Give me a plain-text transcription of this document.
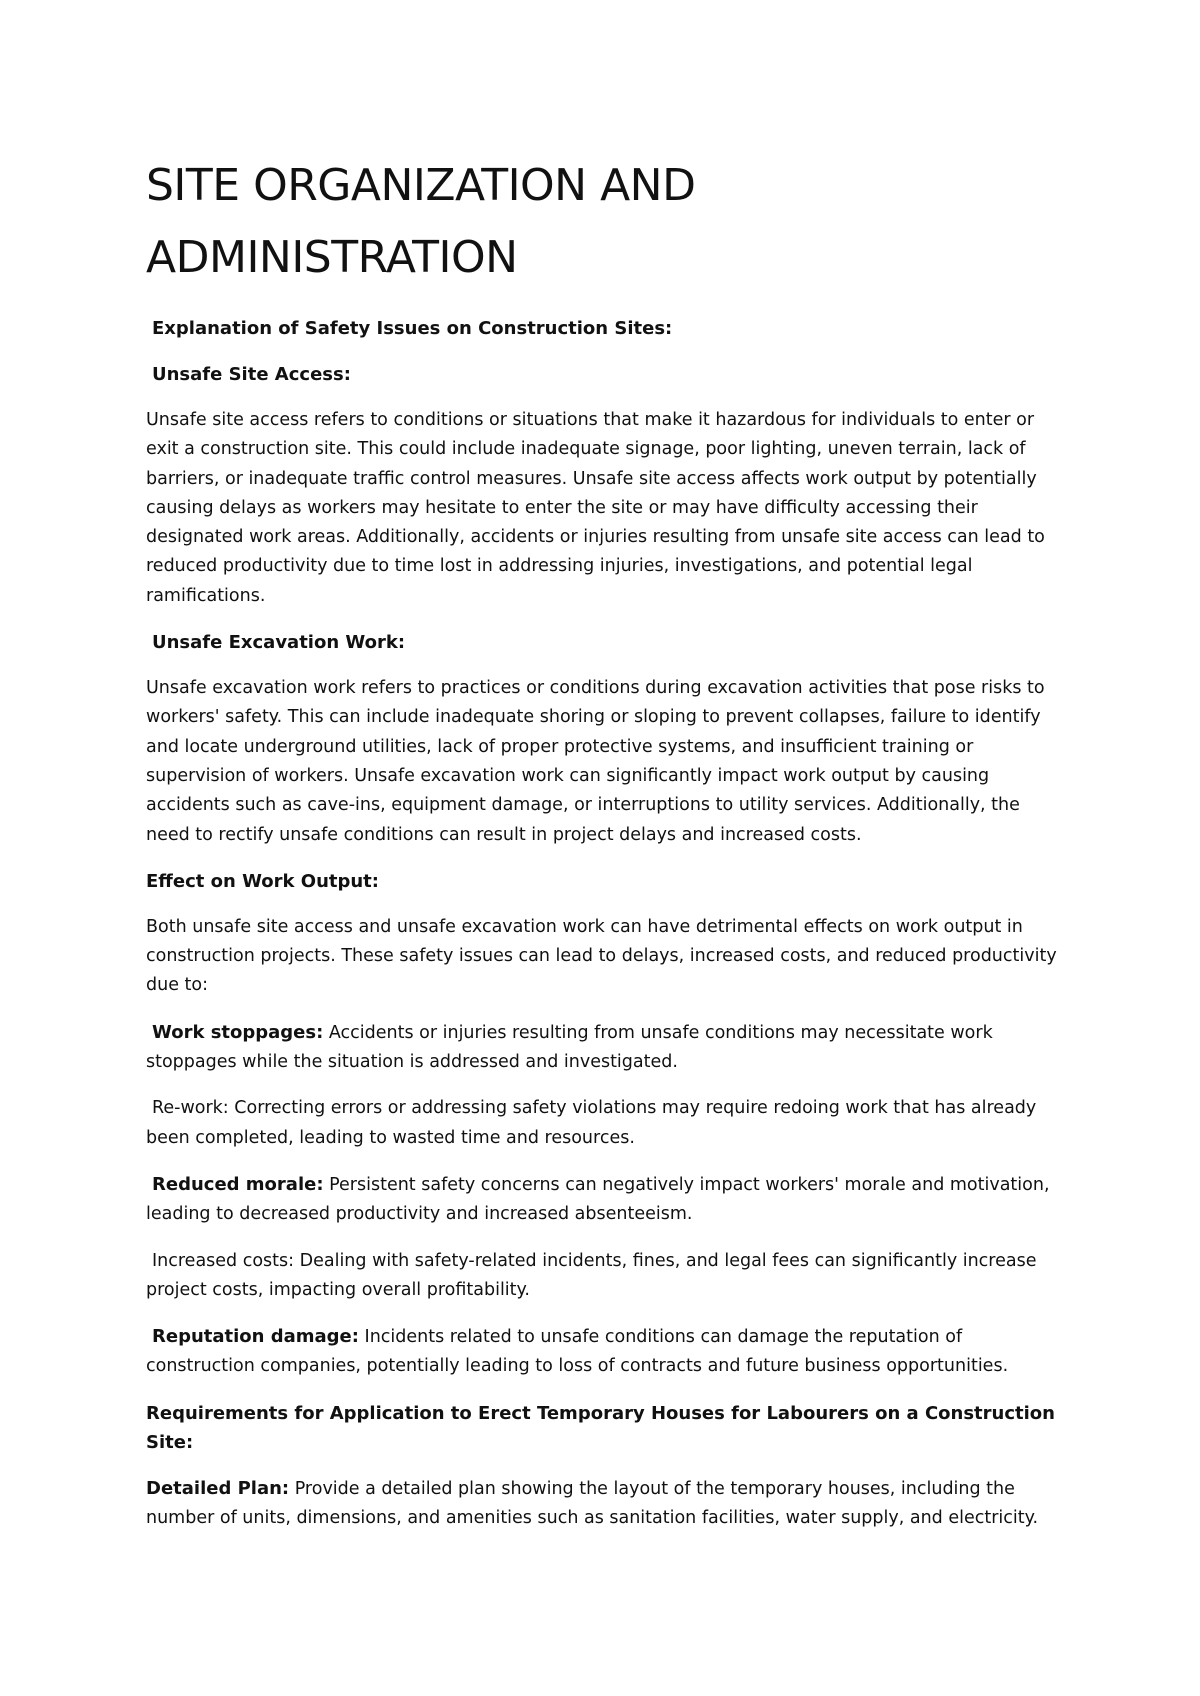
SITE ORGANIZATION AND ADMINISTRATION
Explanation of Safety Issues on Construction Sites:
Unsafe Site Access:

Unsafe site access refers to conditions or situations that make it hazardous for individuals to enter or exit a construction site. This could include inadequate signage, poor lighting, uneven terrain, lack of barriers, or inadequate traffic control measures. Unsafe site access affects work output by potentially causing delays as workers may hesitate to enter the site or may have difficulty accessing their designated work areas. Additionally, accidents or injuries resulting from unsafe site access can lead to reduced productivity due to time lost in addressing injuries, investigations, and potential legal ramifications.

Unsafe Excavation Work:

Unsafe excavation work refers to practices or conditions during excavation activities that pose risks to workers' safety. This can include inadequate shoring or sloping to prevent collapses, failure to identify and locate underground utilities, lack of proper protective systems, and insufficient training or supervision of workers. Unsafe excavation work can significantly impact work output by causing accidents such as cave-ins, equipment damage, or interruptions to utility services. Additionally, the need to rectify unsafe conditions can result in project delays and increased costs.

Effect on Work Output:

Both unsafe site access and unsafe excavation work can have detrimental effects on work output in construction projects. These safety issues can lead to delays, increased costs, and reduced productivity due to:

Work stoppages: Accidents or injuries resulting from unsafe conditions may necessitate work stoppages while the situation is addressed and investigated.

Re-work: Correcting errors or addressing safety violations may require redoing work that has already been completed, leading to wasted time and resources.

Reduced morale: Persistent safety concerns can negatively impact workers' morale and motivation, leading to decreased productivity and increased absenteeism.

Increased costs: Dealing with safety-related incidents, fines, and legal fees can significantly increase project costs, impacting overall profitability.

Reputation damage: Incidents related to unsafe conditions can damage the reputation of construction companies, potentially leading to loss of contracts and future business opportunities.

Requirements for Application to Erect Temporary Houses for Labourers on a Construction Site:

Detailed Plan: Provide a detailed plan showing the layout of the temporary houses, including the number of units, dimensions, and amenities such as sanitation facilities, water supply, and electricity.
